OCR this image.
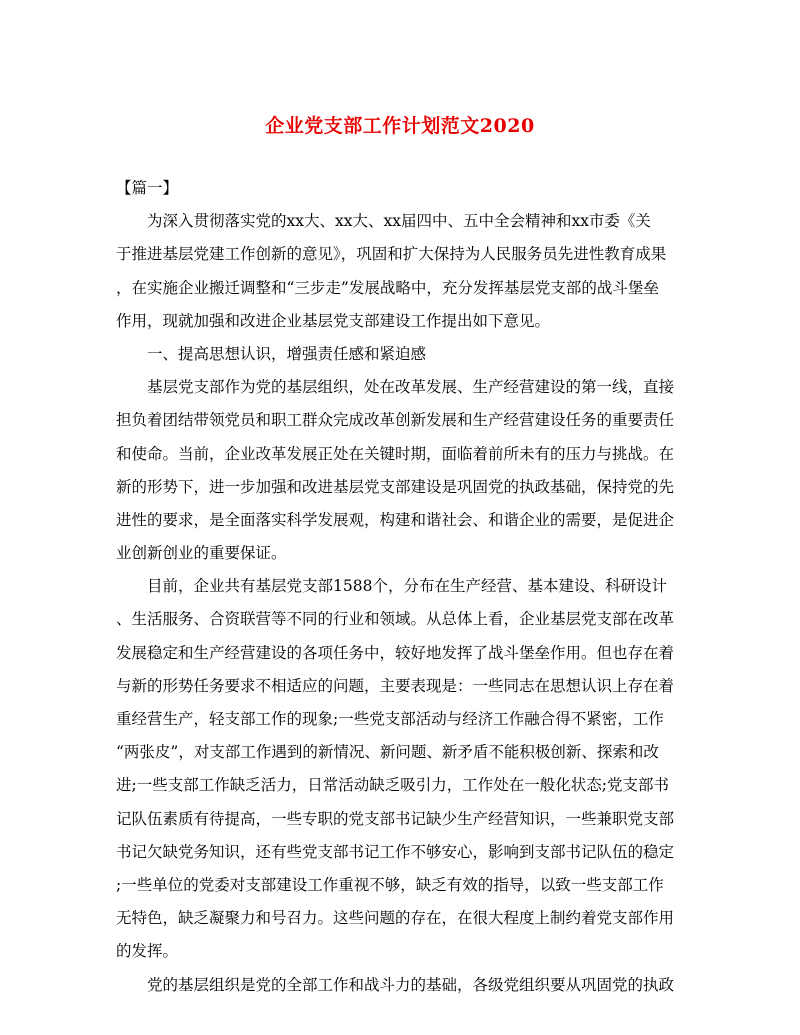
企业党支部工作计划范文2020
【篇一】
为深入贯彻落实党的xx大、xx大、xx届四中、五中全会精神和xx市委《关
于推进基层党建工作创新的意见》，巩固和扩大保持为人民服务员先进性教育成果
，在实施企业搬迁调整和“三步走”发展战略中，充分发挥基层党支部的战斗堡垒
作用，现就加强和改进企业基层党支部建设工作提出如下意见。
一、提高思想认识，增强责任感和紧迫感
基层党支部作为党的基层组织，处在改革发展、生产经营建设的第一线，直接
担负着团结带领党员和职工群众完成改革创新发展和生产经营建设任务的重要责任
和使命。当前，企业改革发展正处在关键时期，面临着前所未有的压力与挑战。在
新的形势下，进一步加强和改进基层党支部建设是巩固党的执政基础，保持党的先
进性的要求，是全面落实科学发展观，构建和谐社会、和谐企业的需要，是促进企
业创新创业的重要保证。
目前，企业共有基层党支部1588个，分布在生产经营、基本建设、科研设计
、生活服务、合资联营等不同的行业和领域。从总体上看，企业基层党支部在改革
发展稳定和生产经营建设的各项任务中，较好地发挥了战斗堡垒作用。但也存在着
与新的形势任务要求不相适应的问题，主要表现是：一些同志在思想认识上存在着
重经营生产，轻支部工作的现象;一些党支部活动与经济工作融合得不紧密，工作
“两张皮”，对支部工作遇到的新情况、新问题、新矛盾不能积极创新、探索和改
进;一些支部工作缺乏活力，日常活动缺乏吸引力，工作处在一般化状态;党支部书
记队伍素质有待提高，一些专职的党支部书记缺少生产经营知识，一些兼职党支部
书记欠缺党务知识，还有些党支部书记工作不够安心，影响到支部书记队伍的稳定
;一些单位的党委对支部建设工作重视不够，缺乏有效的指导，以致一些支部工作
无特色，缺乏凝聚力和号召力。这些问题的存在，在很大程度上制约着党支部作用
的发挥。
党的基层组织是党的全部工作和战斗力的基础，各级党组织要从巩固党的执政
